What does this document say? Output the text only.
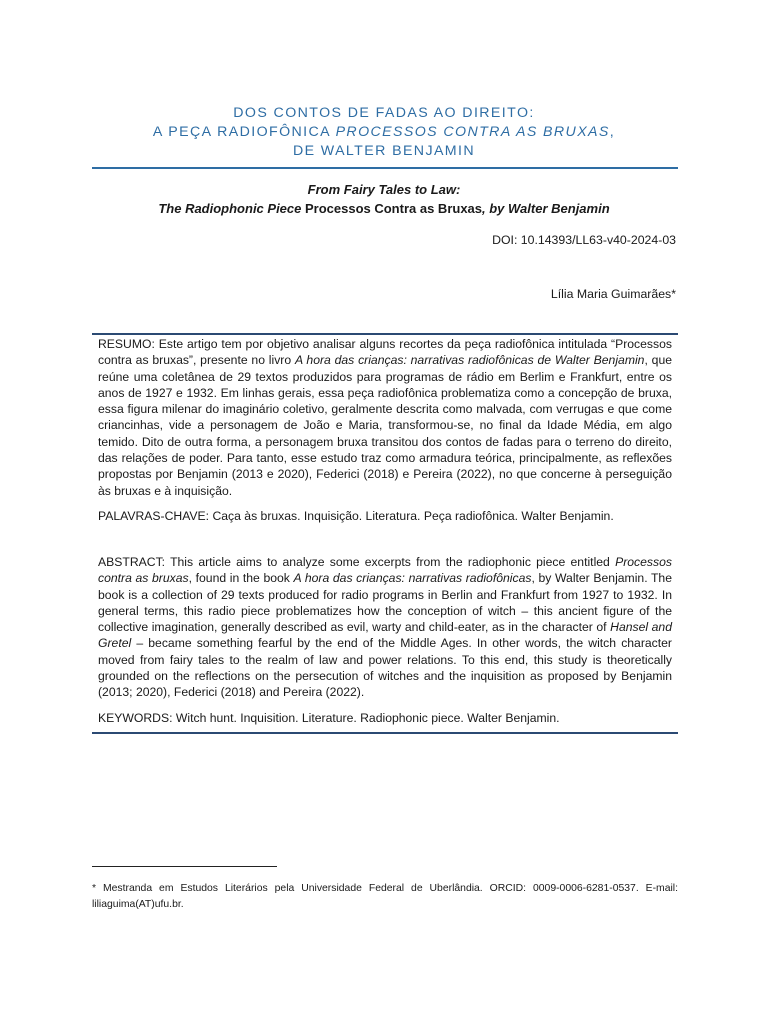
DOS CONTOS DE FADAS AO DIREITO:
A PEÇA RADIOFÔNICA PROCESSOS CONTRA AS BRUXAS,
DE WALTER BENJAMIN
From Fairy Tales to Law:
The Radiophonic Piece Processos Contra as Bruxas, by Walter Benjamin
DOI: 10.14393/LL63-v40-2024-03
Lília Maria Guimarães*
RESUMO: Este artigo tem por objetivo analisar alguns recortes da peça radiofônica intitulada “Processos contra as bruxas”, presente no livro A hora das crianças: narrativas radiofônicas de Walter Benjamin, que reúne uma coletânea de 29 textos produzidos para programas de rádio em Berlim e Frankfurt, entre os anos de 1927 e 1932. Em linhas gerais, essa peça radiofônica problematiza como a concepção de bruxa, essa figura milenar do imaginário coletivo, geralmente descrita como malvada, com verrugas e que come criancinhas, vide a personagem de João e Maria, transformou-se, no final da Idade Média, em algo temido. Dito de outra forma, a personagem bruxa transitou dos contos de fadas para o terreno do direito, das relações de poder. Para tanto, esse estudo traz como armadura teórica, principalmente, as reflexões propostas por Benjamin (2013 e 2020), Federici (2018) e Pereira (2022), no que concerne à perseguição às bruxas e à inquisição.
PALAVRAS-CHAVE: Caça às bruxas. Inquisição. Literatura. Peça radiofônica. Walter Benjamin.
ABSTRACT: This article aims to analyze some excerpts from the radiophonic piece entitled Processos contra as bruxas, found in the book A hora das crianças: narrativas radiofônicas, by Walter Benjamin. The book is a collection of 29 texts produced for radio programs in Berlin and Frankfurt from 1927 to 1932. In general terms, this radio piece problematizes how the conception of witch – this ancient figure of the collective imagination, generally described as evil, warty and child-eater, as in the character of Hansel and Gretel – became something fearful by the end of the Middle Ages. In other words, the witch character moved from fairy tales to the realm of law and power relations. To this end, this study is theoretically grounded on the reflections on the persecution of witches and the inquisition as proposed by Benjamin (2013; 2020), Federici (2018) and Pereira (2022).
KEYWORDS: Witch hunt. Inquisition. Literature. Radiophonic piece. Walter Benjamin.
* Mestranda em Estudos Literários pela Universidade Federal de Uberlândia. ORCID: 0009-0006-6281-0537. E-mail: liliaguima(AT)ufu.br.
